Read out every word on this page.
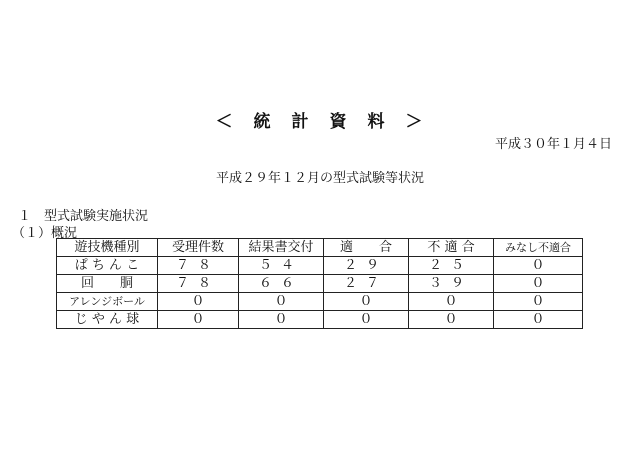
＜　統　計　資　料　＞
平成３０年１月４日
平成２９年１２月の型式試験等状況
１　型式試験実施状況
（１）概況
遊技機種別	受理件数	結果書交付	適　　合	不 適 合	みなし不適合
ぱ ち ん こ	７８	５４	２９	２５	０
回　　胴	７８	６６	２７	３９	０
アレンジボール	０	０	０	０	０
じ や ん 球	０	０	０	０	０
